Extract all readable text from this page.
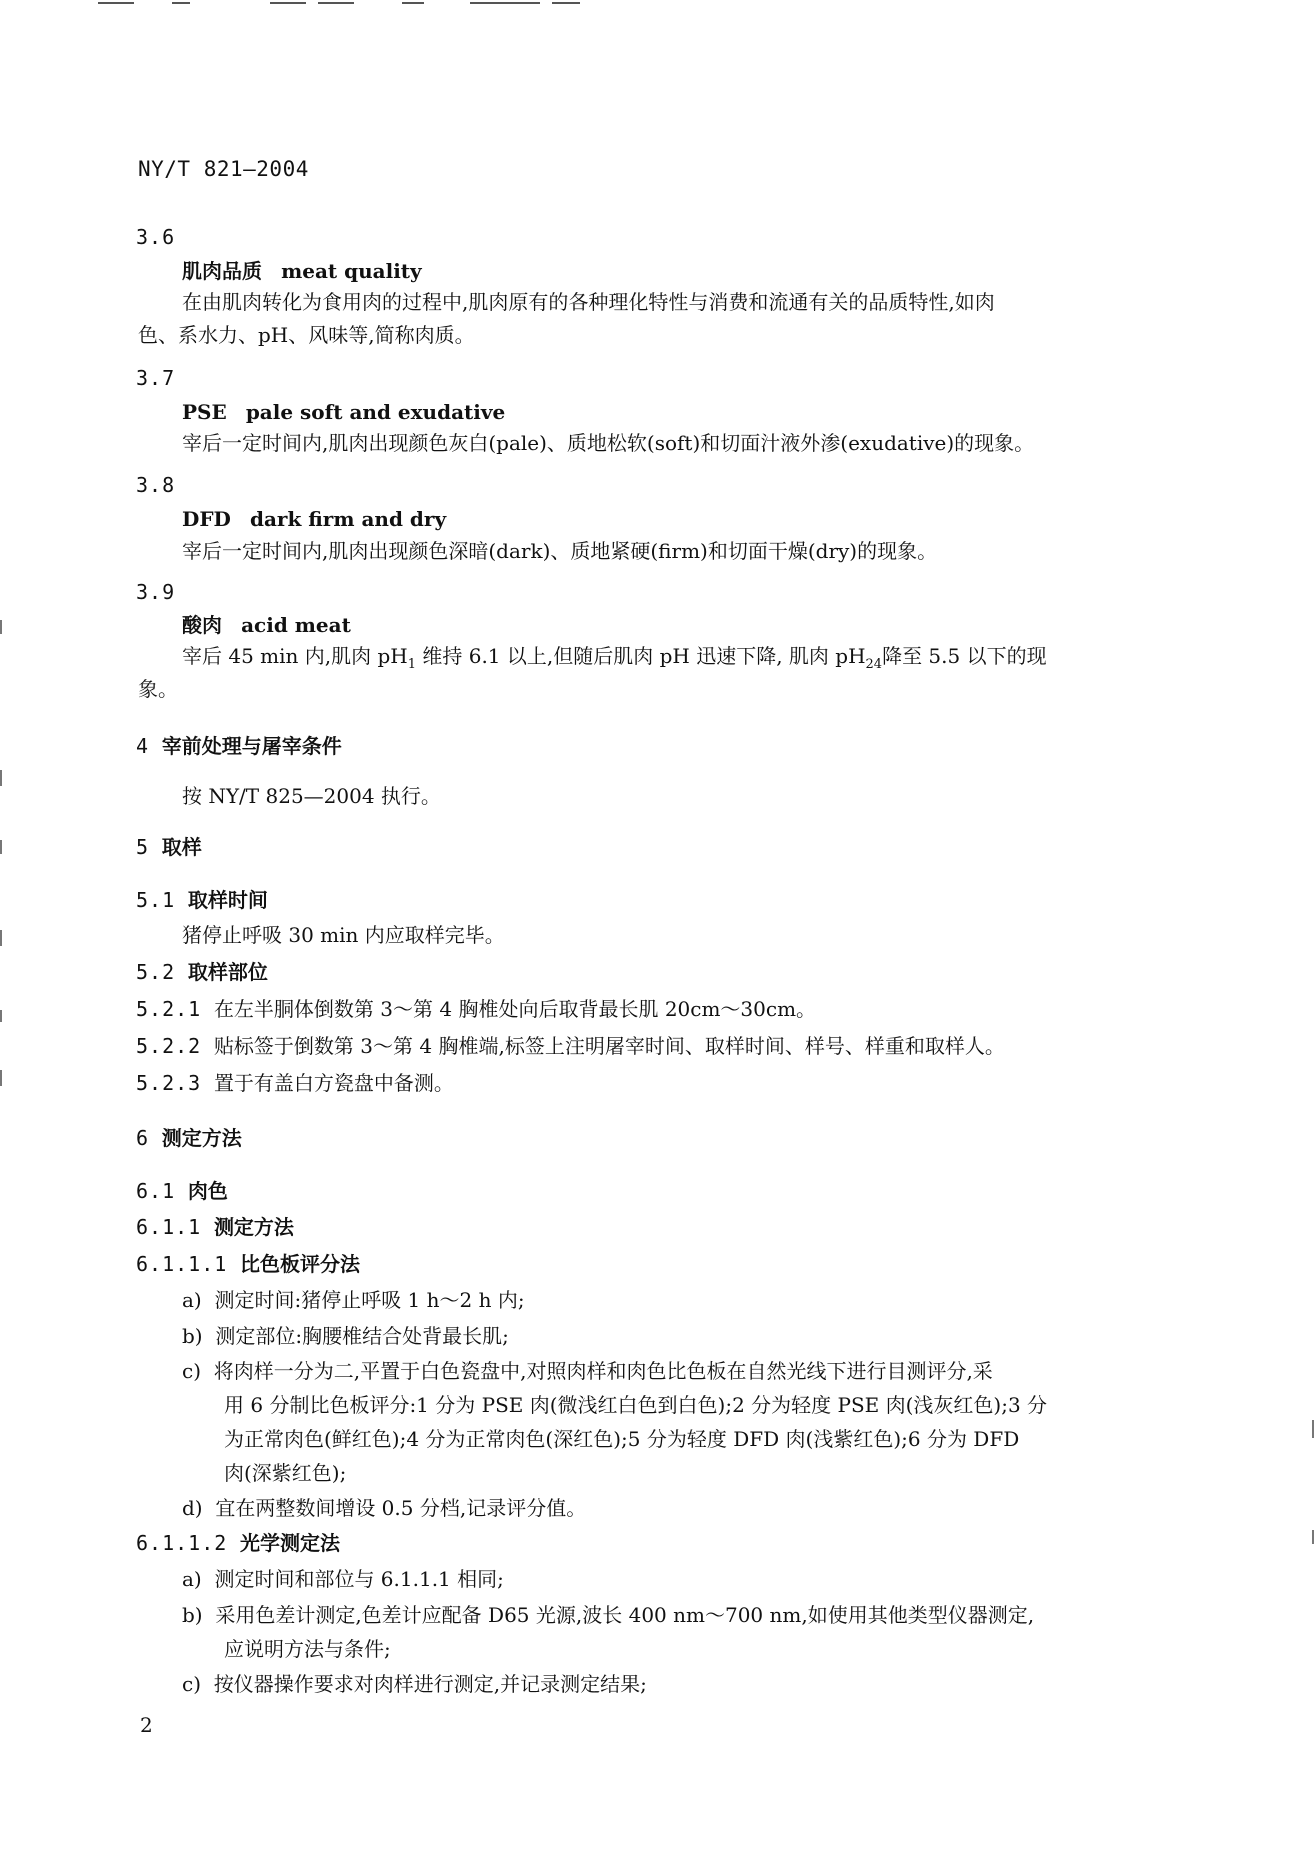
NY/T 821—2004
3.6
肌肉品质 meat quality
在由肌肉转化为食用肉的过程中,肌肉原有的各种理化特性与消费和流通有关的品质特性,如肉
色、系水力、pH、风味等,简称肉质。
3.7
PSE pale soft and exudative
宰后一定时间内,肌肉出现颜色灰白(pale)、质地松软(soft)和切面汁液外渗(exudative)的现象。
3.8
DFD dark firm and dry
宰后一定时间内,肌肉出现颜色深暗(dark)、质地紧硬(firm)和切面干燥(dry)的现象。
3.9
酸肉 acid meat
宰后 45 min 内,肌肉 $pH_1$ 维持 6.1 以上,但随后肌肉 pH 迅速下降, 肌肉 $pH_{24}$降至 5.5 以下的现
象。
4 宰前处理与屠宰条件
按 NY/T 825—2004 执行。
5 取样
5.1 取样时间
猪停止呼吸 30 min 内应取样完毕。
5.2 取样部位
5.2.1 在左半胴体倒数第 3～第 4 胸椎处向后取背最长肌 20cm～30cm。
5.2.2 贴标签于倒数第 3～第 4 胸椎端,标签上注明屠宰时间、取样时间、样号、样重和取样人。
5.2.3 置于有盖白方瓷盘中备测。
6 测定方法
6.1 肉色
6.1.1 测定方法
6.1.1.1 比色板评分法
a) 测定时间:猪停止呼吸 1 h～2 h 内;
b) 测定部位:胸腰椎结合处背最长肌;
c) 将肉样一分为二,平置于白色瓷盘中,对照肉样和肉色比色板在自然光线下进行目测评分,采
用 6 分制比色板评分:1 分为 PSE 肉(微浅红白色到白色);2 分为轻度 PSE 肉(浅灰红色);3 分
为正常肉色(鲜红色);4 分为正常肉色(深红色);5 分为轻度 DFD 肉(浅紫红色);6 分为 DFD
肉(深紫红色);
d) 宜在两整数间增设 0.5 分档,记录评分值。
6.1.1.2 光学测定法
a) 测定时间和部位与 6.1.1.1 相同;
b) 采用色差计测定,色差计应配备 D65 光源,波长 400 nm～700 nm,如使用其他类型仪器测定,
应说明方法与条件;
c) 按仪器操作要求对肉样进行测定,并记录测定结果;
2
